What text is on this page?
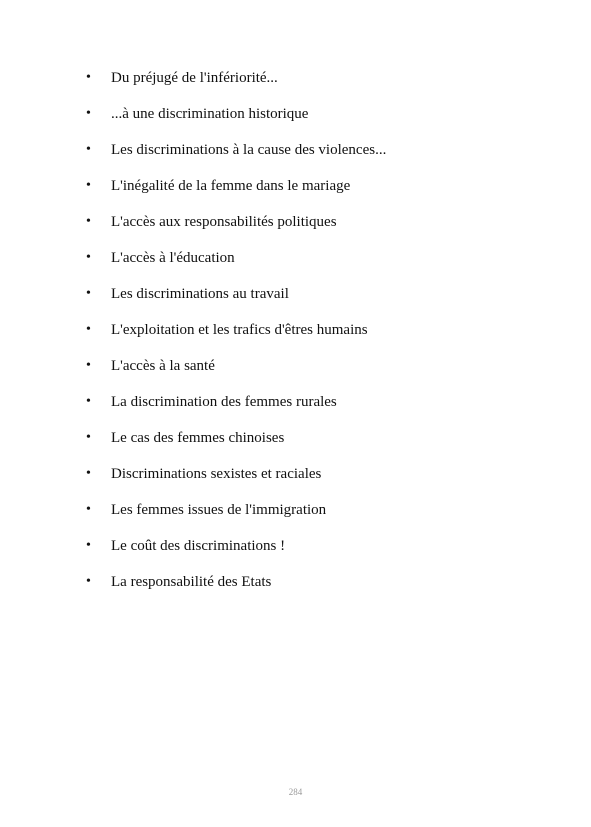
•	Du préjugé de l'infériorité...
•	...à une discrimination historique
•	Les discriminations à la cause des violences...
•	L'inégalité de la femme dans le mariage
•	L'accès aux responsabilités politiques
•	L'accès à l'éducation
•	Les discriminations au travail
•	L'exploitation et les trafics d'êtres humains
•	L'accès à la santé
•	La discrimination des femmes rurales
•	Le cas des femmes chinoises
•	Discriminations sexistes et raciales
•	Les femmes issues de l'immigration
•	Le coût des discriminations !
•	La responsabilité des Etats
284
